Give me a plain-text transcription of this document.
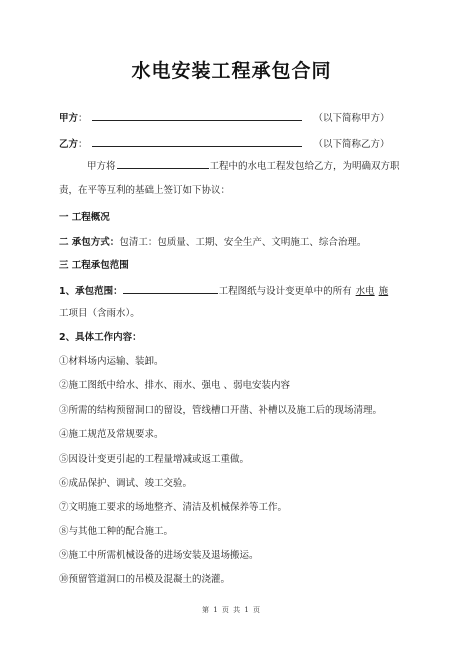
水电安装工程承包合同
甲方：	（以下简称甲方）
乙方：	（以下简称乙方）
甲方将	工程中的水电工程发包给乙方，为明确双方职
责，在平等互利的基础上签订如下协议：
一 工程概况
二 承包方式：包清工：包质量、工期、安全生产、文明施工、综合治理。
三 工程承包范围
1、承包范围：	工程图纸与设计变更单中的所有 水电 施
工项目（含雨水）。
2、具体工作内容：
①材料场内运输、装卸。
②施工图纸中给水、排水、雨水、强电 、弱电安装内容
③所需的结构预留洞口的留设，管线槽口开凿、补槽以及施工后的现场清理。
④施工规范及常规要求。
⑤因设计变更引起的工程量增减或返工重做。
⑥成品保护、调试、竣工交验。
⑦文明施工要求的场地整齐、清洁及机械保养等工作。
⑧与其他工种的配合施工。
⑨施工中所需机械设备的进场安装及退场搬运。
⑩预留管道洞口的吊模及混凝土的浇灌。
第 1 页 共 1 页
